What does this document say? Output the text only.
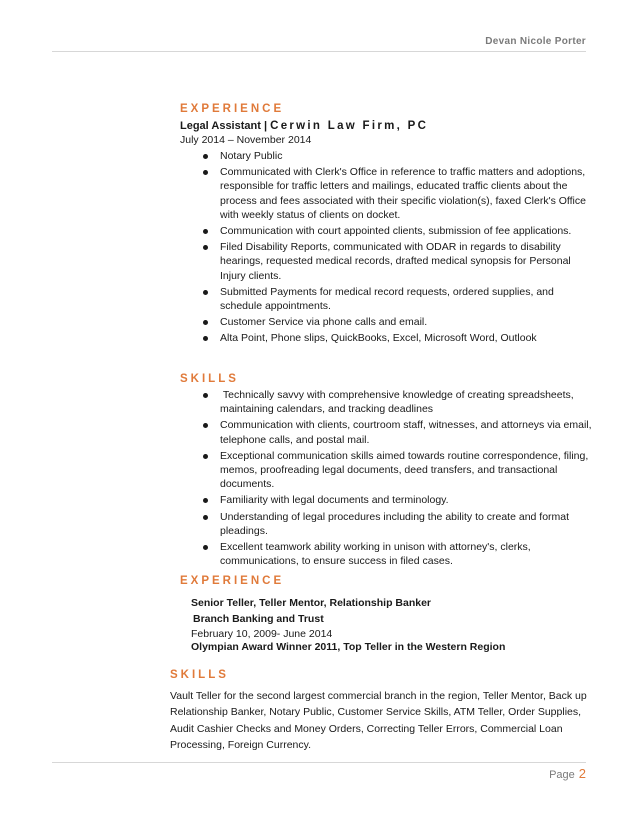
Devan Nicole Porter
EXPERIENCE
Legal Assistant | Cerwin Law Firm, PC
July 2014 – November 2014
Notary Public
Communicated with Clerk's Office in reference to traffic matters and adoptions, responsible for traffic letters and mailings, educated traffic clients about the process and fees associated with their specific violation(s), faxed Clerk's Office with weekly status of clients on docket.
Communication with court appointed clients, submission of fee applications.
Filed Disability Reports, communicated with ODAR in regards to disability hearings, requested medical records, drafted medical synopsis for Personal Injury clients.
Submitted Payments for medical record requests, ordered supplies, and schedule appointments.
Customer Service via phone calls and email.
Alta Point, Phone slips, QuickBooks, Excel, Microsoft Word, Outlook
SKILLS
Technically savvy with comprehensive knowledge of creating spreadsheets, maintaining calendars, and tracking deadlines
Communication with clients, courtroom staff, witnesses, and attorneys via email, telephone calls, and postal mail.
Exceptional communication skills aimed towards routine correspondence, filing, memos, proofreading legal documents, deed transfers, and transactional documents.
Familiarity with legal documents and terminology.
Understanding of legal procedures including the ability to create and format pleadings.
Excellent teamwork ability working in unison with attorney's, clerks, communications, to ensure success in filed cases.
EXPERIENCE
Senior Teller, Teller Mentor, Relationship Banker
Branch Banking and Trust
February 10, 2009- June 2014
Olympian Award Winner 2011, Top Teller in the Western Region
SKILLS
Vault Teller for the second largest commercial branch in the region, Teller Mentor, Back up Relationship Banker, Notary Public, Customer Service Skills, ATM Teller, Order Supplies, Audit Cashier Checks and Money Orders, Correcting Teller Errors, Commercial Loan Processing, Foreign Currency.
Page 2
